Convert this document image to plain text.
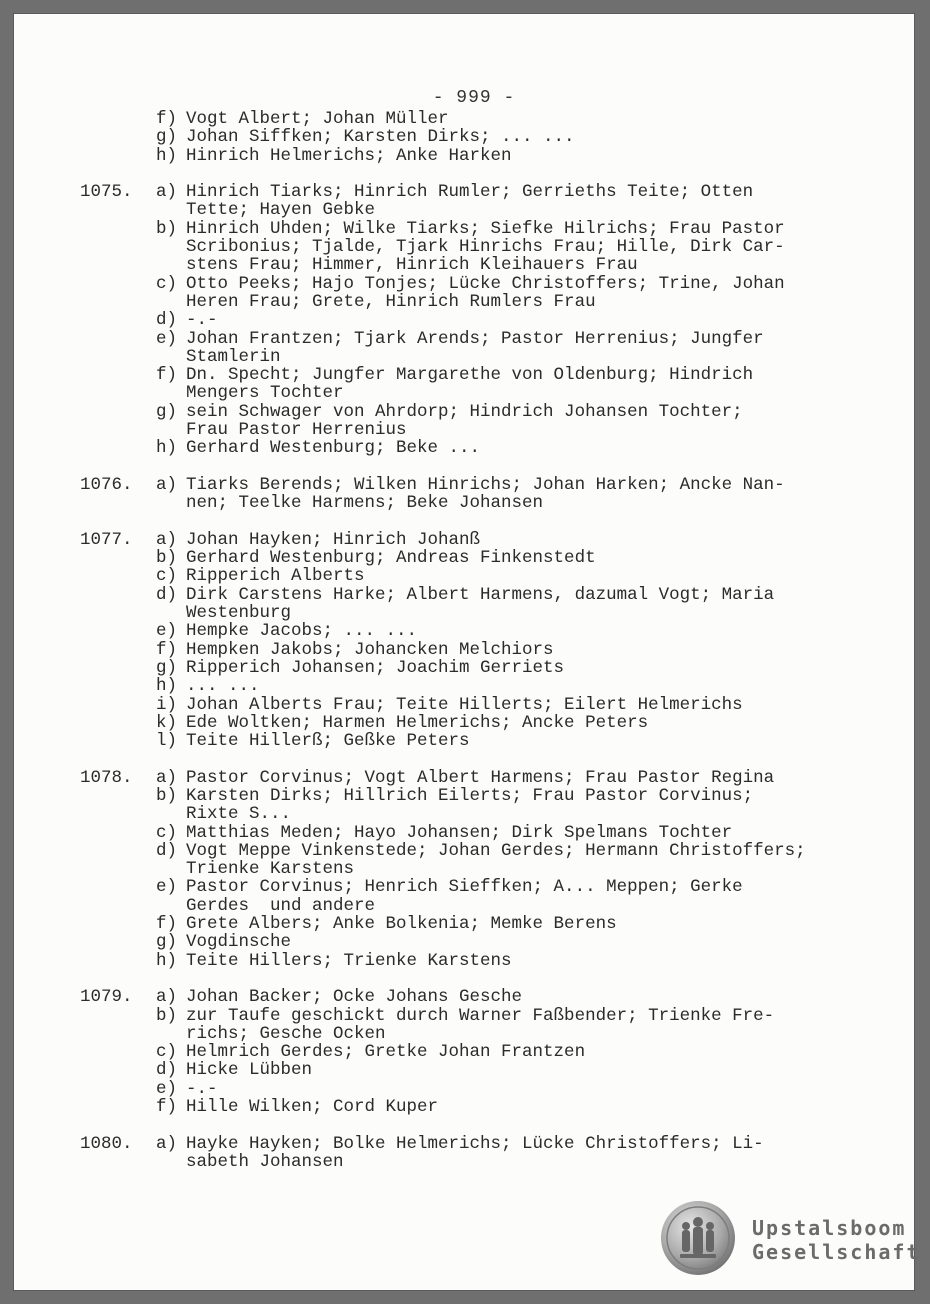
- 999 -
f) Vogt Albert; Johan Müller
g) Johan Siffken; Karsten Dirks; ... ...
h) Hinrich Helmerichs; Anke Harken
1075.	a) Hinrich Tiarks; Hinrich Rumler; Gerrieths Teite; Otten
Tette; Hayen Gebke
b) Hinrich Uhden; Wilke Tiarks; Siefke Hilrichs; Frau Pastor
Scribonius; Tjalde, Tjark Hinrichs Frau; Hille, Dirk Car-
stens Frau; Himmer, Hinrich Kleihauers Frau
c) Otto Peeks; Hajo Tonjes; Lücke Christoffers; Trine, Johan
Heren Frau; Grete, Hinrich Rumlers Frau
d) -.-
e) Johan Frantzen; Tjark Arends; Pastor Herrenius; Jungfer
Stamlerin
f) Dn. Specht; Jungfer Margarethe von Oldenburg; Hindrich
Mengers Tochter
g) sein Schwager von Ahrdorp; Hindrich Johansen Tochter;
Frau Pastor Herrenius
h) Gerhard Westenburg; Beke ...
1076.	a) Tiarks Berends; Wilken Hinrichs; Johan Harken; Ancke Nan-
nen; Teelke Harmens; Beke Johansen
1077.	a) Johan Hayken; Hinrich Johanß
b) Gerhard Westenburg; Andreas Finkenstedt
c) Ripperich Alberts
d) Dirk Carstens Harke; Albert Harmens, dazumal Vogt; Maria
Westenburg
e) Hempke Jacobs; ... ...
f) Hempken Jakobs; Johancken Melchiors
g) Ripperich Johansen; Joachim Gerriets
h) ... ...
i) Johan Alberts Frau; Teite Hillerts; Eilert Helmerichs
k) Ede Woltken; Harmen Helmerichs; Ancke Peters
l) Teite Hillerß; Geßke Peters
1078.	a) Pastor Corvinus; Vogt Albert Harmens; Frau Pastor Regina
b) Karsten Dirks; Hillrich Eilerts; Frau Pastor Corvinus;
Rixte S...
c) Matthias Meden; Hayo Johansen; Dirk Spelmans Tochter
d) Vogt Meppe Vinkenstede; Johan Gerdes; Hermann Christoffers;
Trienke Karstens
e) Pastor Corvinus; Henrich Sieffken; A... Meppen; Gerke
Gerdes  und andere
f) Grete Albers; Anke Bolkenia; Memke Berens
g) Vogdinsche
h) Teite Hillers; Trienke Karstens
1079.	a) Johan Backer; Ocke Johans Gesche
b) zur Taufe geschickt durch Warner Faßbender; Trienke Fre-
richs; Gesche Ocken
c) Helmrich Gerdes; Gretke Johan Frantzen
d) Hicke Lübben
e) -.-
f) Hille Wilken; Cord Kuper
1080.	a) Hayke Hayken; Bolke Helmerichs; Lücke Christoffers; Li-
sabeth Johansen
Upstalsboom
Gesellschaft
